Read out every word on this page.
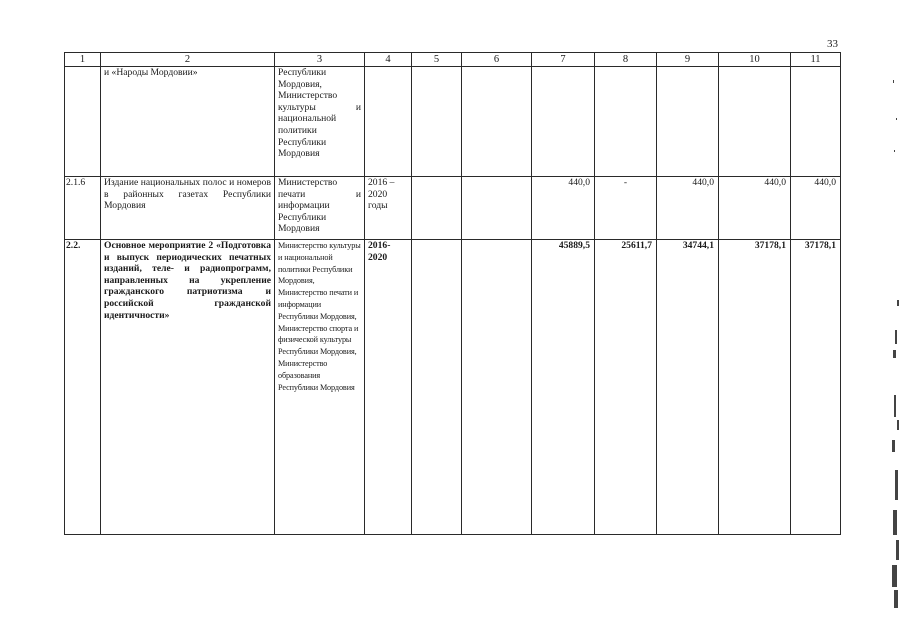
33
1	2	3	4	5	6	7	8	9	10	11
	и «Народы Мордовии»	Республики Мордовия, Министерство культуры и национальной политики Республики Мордовия								
2.1.6	Издание национальных полос и номеров в районных газетах Республики Мордовия	Министерство печати и информации Республики Мордовия	2016 – 2020 годы			440,0	-	440,0	440,0	440,0
2.2.	Основное мероприятие 2 «Подготовка и выпуск периодических печатных изданий, теле- и радиопрограмм, направленных на укрепление гражданского патриотизма и российской гражданской идентичности»	Министерство культуры и национальной политики Республики Мордовия, Министерство печати и информации Республики Мордовия, Министерство спорта и физической культуры Республики Мордовия, Министерство образования Республики Мордовия	2016-2020			45889,5	25611,7	34744,1	37178,1	37178,1
